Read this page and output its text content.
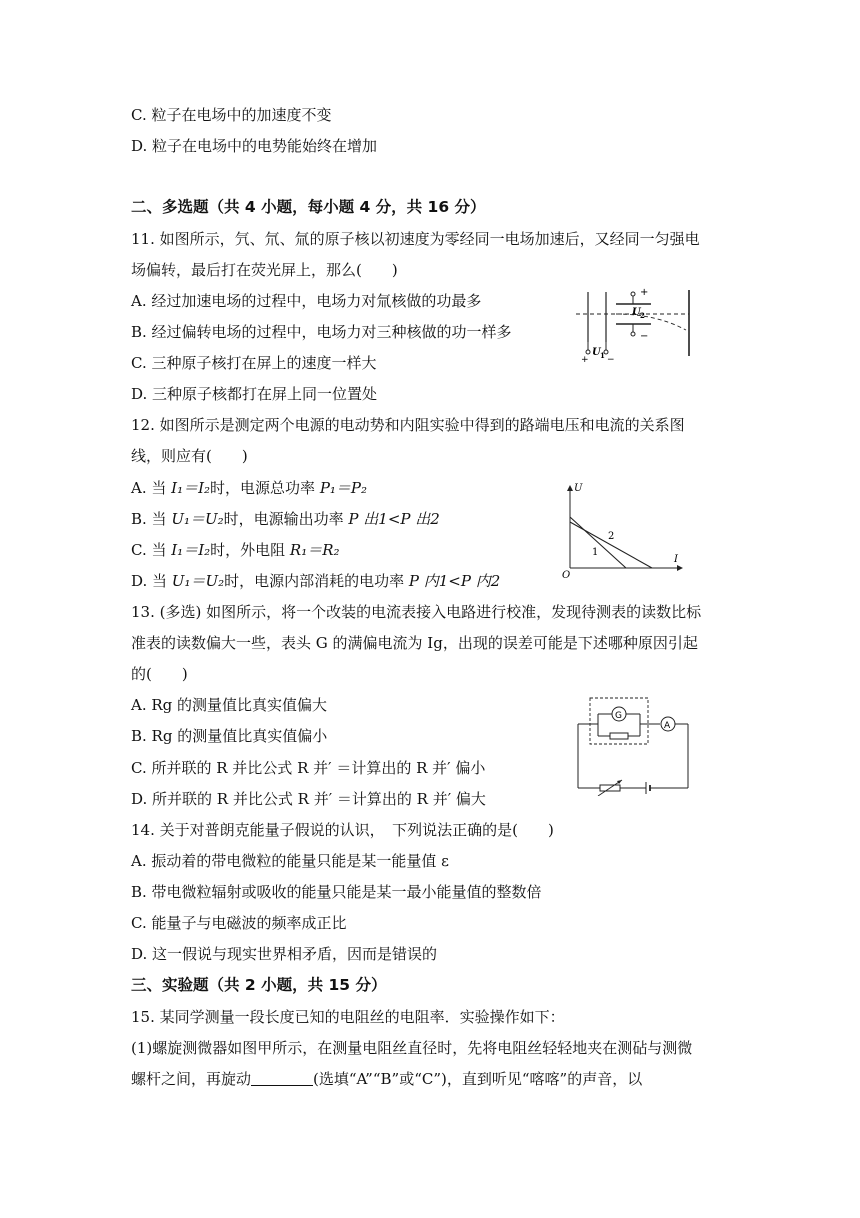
C. 粒子在电场中的加速度不变
D. 粒子在电场中的电势能始终在增加
二、多选题（共 4 小题，每小题 4 分，共 16 分）
11. 如图所示，氕、氘、氚的原子核以初速度为零经同一电场加速后，又经同一匀强电
场偏转，最后打在荧光屏上，那么(　　)
A. 经过加速电场的过程中，电场力对氚核做的功最多
B. 经过偏转电场的过程中，电场力对三种核做的功一样多
C. 三种原子核打在屏上的速度一样大
D. 三种原子核都打在屏上同一位置处
+
−
U 2
U 1
+ −
12. 如图所示是测定两个电源的电动势和内阻实验中得到的路端电压和电流的关系图
线，则应有(　　)
A. 当 I₁＝I₂时，电源总功率 P₁＝P₂
B. 当 U₁＝U₂时，电源输出功率 P 出1<P 出2
C. 当 I₁＝I₂时，外电阻 R₁＝R₂
D. 当 U₁＝U₂时，电源内部消耗的电功率 P 内1<P 内2
U
I
O
1
2
13. (多选) 如图所示，将一个改装的电流表接入电路进行校准，发现待测表的读数比标
准表的读数偏大一些，表头 G 的满偏电流为 Ig，出现的误差可能是下述哪种原因引起
的(　　)
A. Rg 的测量值比真实值偏大
B. Rg 的测量值比真实值偏小
C. 所并联的 R 并比公式 R 并′ ＝计算出的 R 并′ 偏小
D. 所并联的 R 并比公式 R 并′ ＝计算出的 R 并′ 偏大
G
A
14. 关于对普朗克能量子假说的认识，　下列说法正确的是(　　)
A. 振动着的带电微粒的能量只能是某一能量值 ε
B. 带电微粒辐射或吸收的能量只能是某一最小能量值的整数倍
C. 能量子与电磁波的频率成正比
D. 这一假说与现实世界相矛盾，因而是错误的
三、实验题（共 2 小题，共 15 分）
15. 某同学测量一段长度已知的电阻丝的电阻率．实验操作如下：
(1)螺旋测微器如图甲所示，在测量电阻丝直径时，先将电阻丝轻轻地夹在测砧与测微
螺杆之间，再旋动	(选填“A”“B”或“C”)，直到听见“喀喀”的声音，以
